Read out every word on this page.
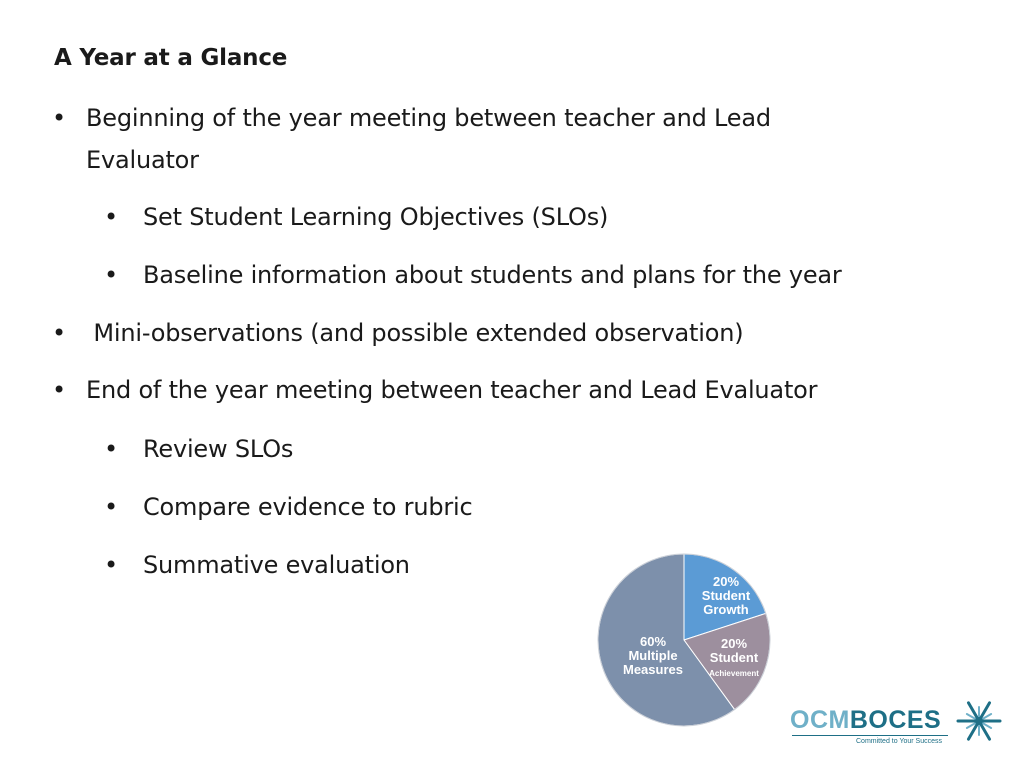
A Year at a Glance
• Beginning of the year meeting between teacher and Lead
Evaluator
• Set Student Learning Objectives (SLOs)
• Baseline information about students and plans for the year
• Mini-observations (and possible extended observation)
• End of the year meeting between teacher and Lead Evaluator
• Review SLOs
• Compare evidence to rubric
• Summative evaluation
20% Student Growth
20% Student Achievement
60% Multiple Measures
OCMBOCES
Committed to Your Success
